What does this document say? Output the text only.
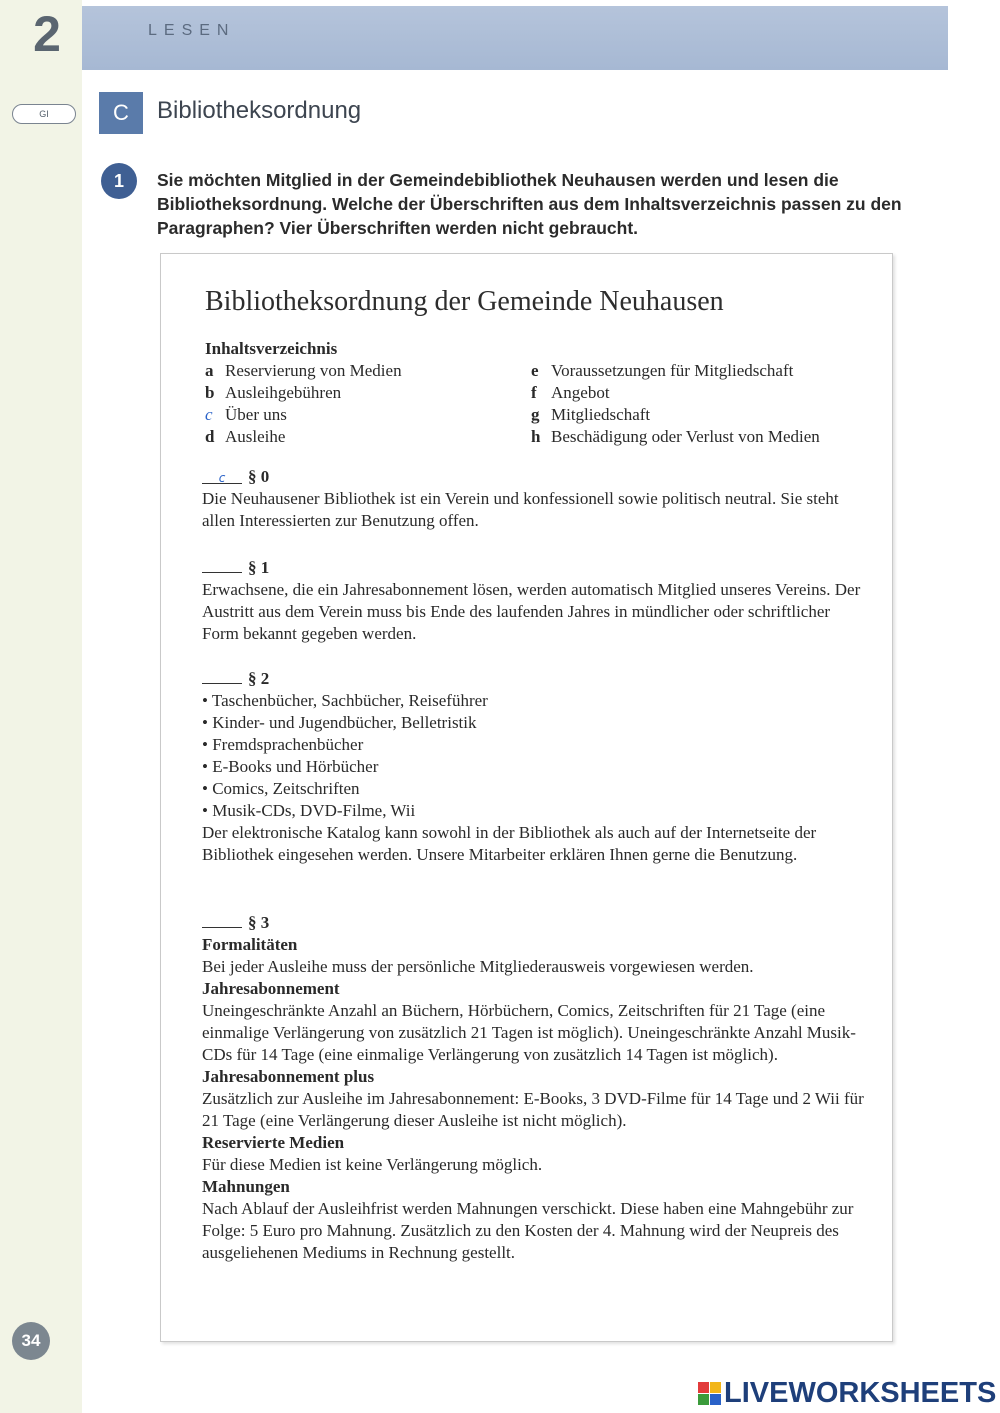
2	LESEN
GI	C	Bibliotheksordnung
1	Sie möchten Mitglied in der Gemeindebibliothek Neuhausen werden und lesen die Bibliotheksordnung. Welche der Überschriften aus dem Inhaltsverzeichnis passen zu den Paragraphen? Vier Überschriften werden nicht gebraucht.
Bibliotheksordnung der Gemeinde Neuhausen
Inhaltsverzeichnis
a Reservierung von Medien
b Ausleihgebühren
c Über uns
d Ausleihe
e Voraussetzungen für Mitgliedschaft
f Angebot
g Mitgliedschaft
h Beschädigung oder Verlust von Medien
c § 0
Die Neuhausener Bibliothek ist ein Verein und konfessionell sowie politisch neutral. Sie steht allen Interessierten zur Benutzung offen.
§ 1
Erwachsene, die ein Jahresabonnement lösen, werden automatisch Mitglied unseres Vereins. Der Austritt aus dem Verein muss bis Ende des laufenden Jahres in mündlicher oder schriftlicher Form bekannt gegeben werden.
§ 2
• Taschenbücher, Sachbücher, Reiseführer
• Kinder- und Jugendbücher, Belletristik
• Fremdsprachenbücher
• E-Books und Hörbücher
• Comics, Zeitschriften
• Musik-CDs, DVD-Filme, Wii
Der elektronische Katalog kann sowohl in der Bibliothek als auch auf der Internetseite der Bibliothek eingesehen werden. Unsere Mitarbeiter erklären Ihnen gerne die Benutzung.
§ 3
Formalitäten
Bei jeder Ausleihe muss der persönliche Mitgliederausweis vorgewiesen werden.
Jahresabonnement
Uneingeschränkte Anzahl an Büchern, Hörbüchern, Comics, Zeitschriften für 21 Tage (eine einmalige Verlängerung von zusätzlich 21 Tagen ist möglich). Uneingeschränkte Anzahl Musik-CDs für 14 Tage (eine einmalige Verlängerung von zusätzlich 14 Tagen ist möglich).
Jahresabonnement plus
Zusätzlich zur Ausleihe im Jahresabonnement: E-Books, 3 DVD-Filme für 14 Tage und 2 Wii für 21 Tage (eine Verlängerung dieser Ausleihe ist nicht möglich).
Reservierte Medien
Für diese Medien ist keine Verlängerung möglich.
Mahnungen
Nach Ablauf der Ausleihfrist werden Mahnungen verschickt. Diese haben eine Mahngebühr zur Folge: 5 Euro pro Mahnung. Zusätzlich zu den Kosten der 4. Mahnung wird der Neupreis des ausgeliehenen Mediums in Rechnung gestellt.
34
LIVEWORKSHEETS
